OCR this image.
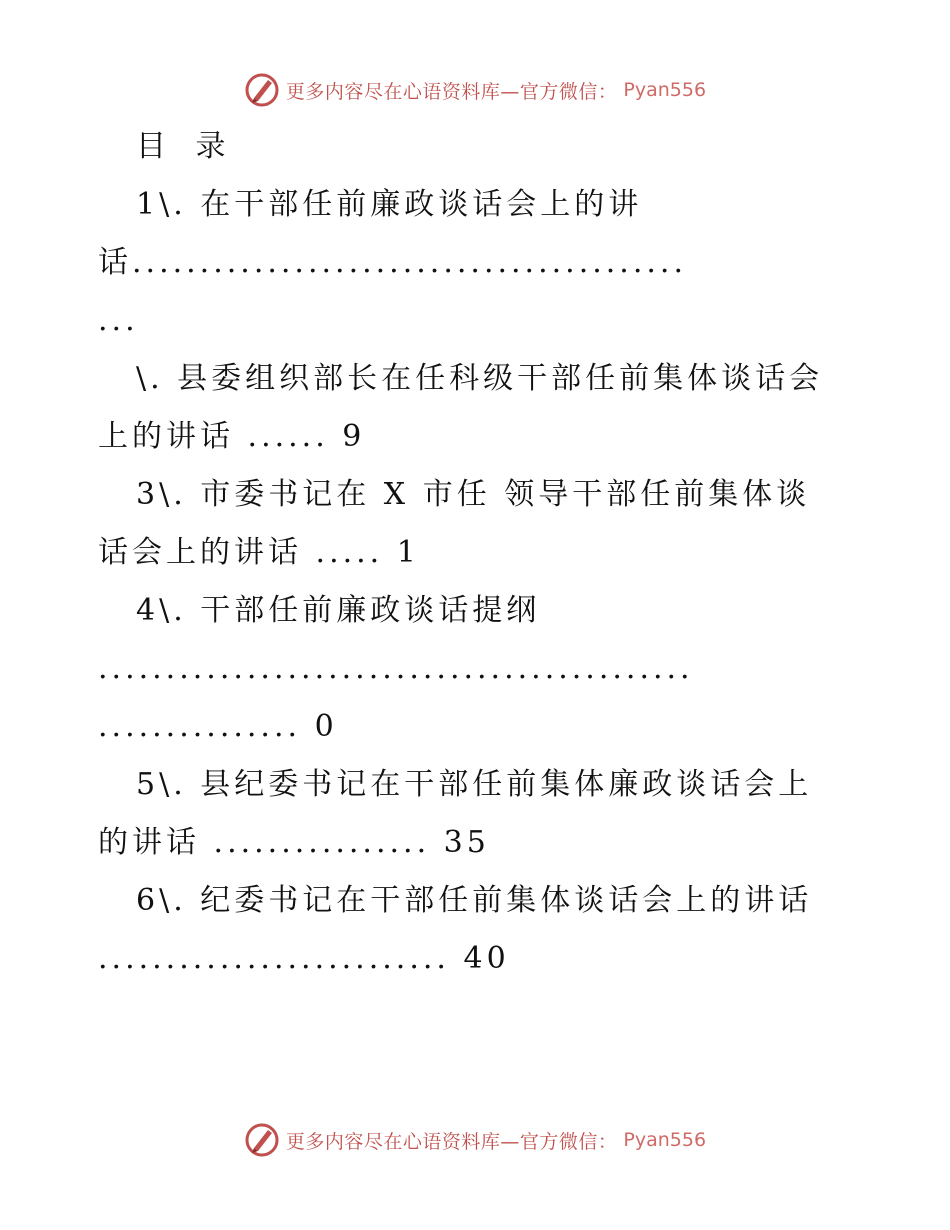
更多内容尽在心语资料库—官方微信： Pyan556
目 录
1\. 在干部任前廉政谈话会上的讲
话.........................................
...
\. 县委组织部长在任科级干部任前集体谈话会
上的讲话 ...... 9
3\. 市委书记在 X 市任 领导干部任前集体谈
话会上的讲话 ..... 1
4\. 干部任前廉政谈话提纲
............................................
............... 0
5\. 县纪委书记在干部任前集体廉政谈话会上
的讲话 ................ 35
6\. 纪委书记在干部任前集体谈话会上的讲话
.......................... 40
更多内容尽在心语资料库—官方微信： Pyan556
